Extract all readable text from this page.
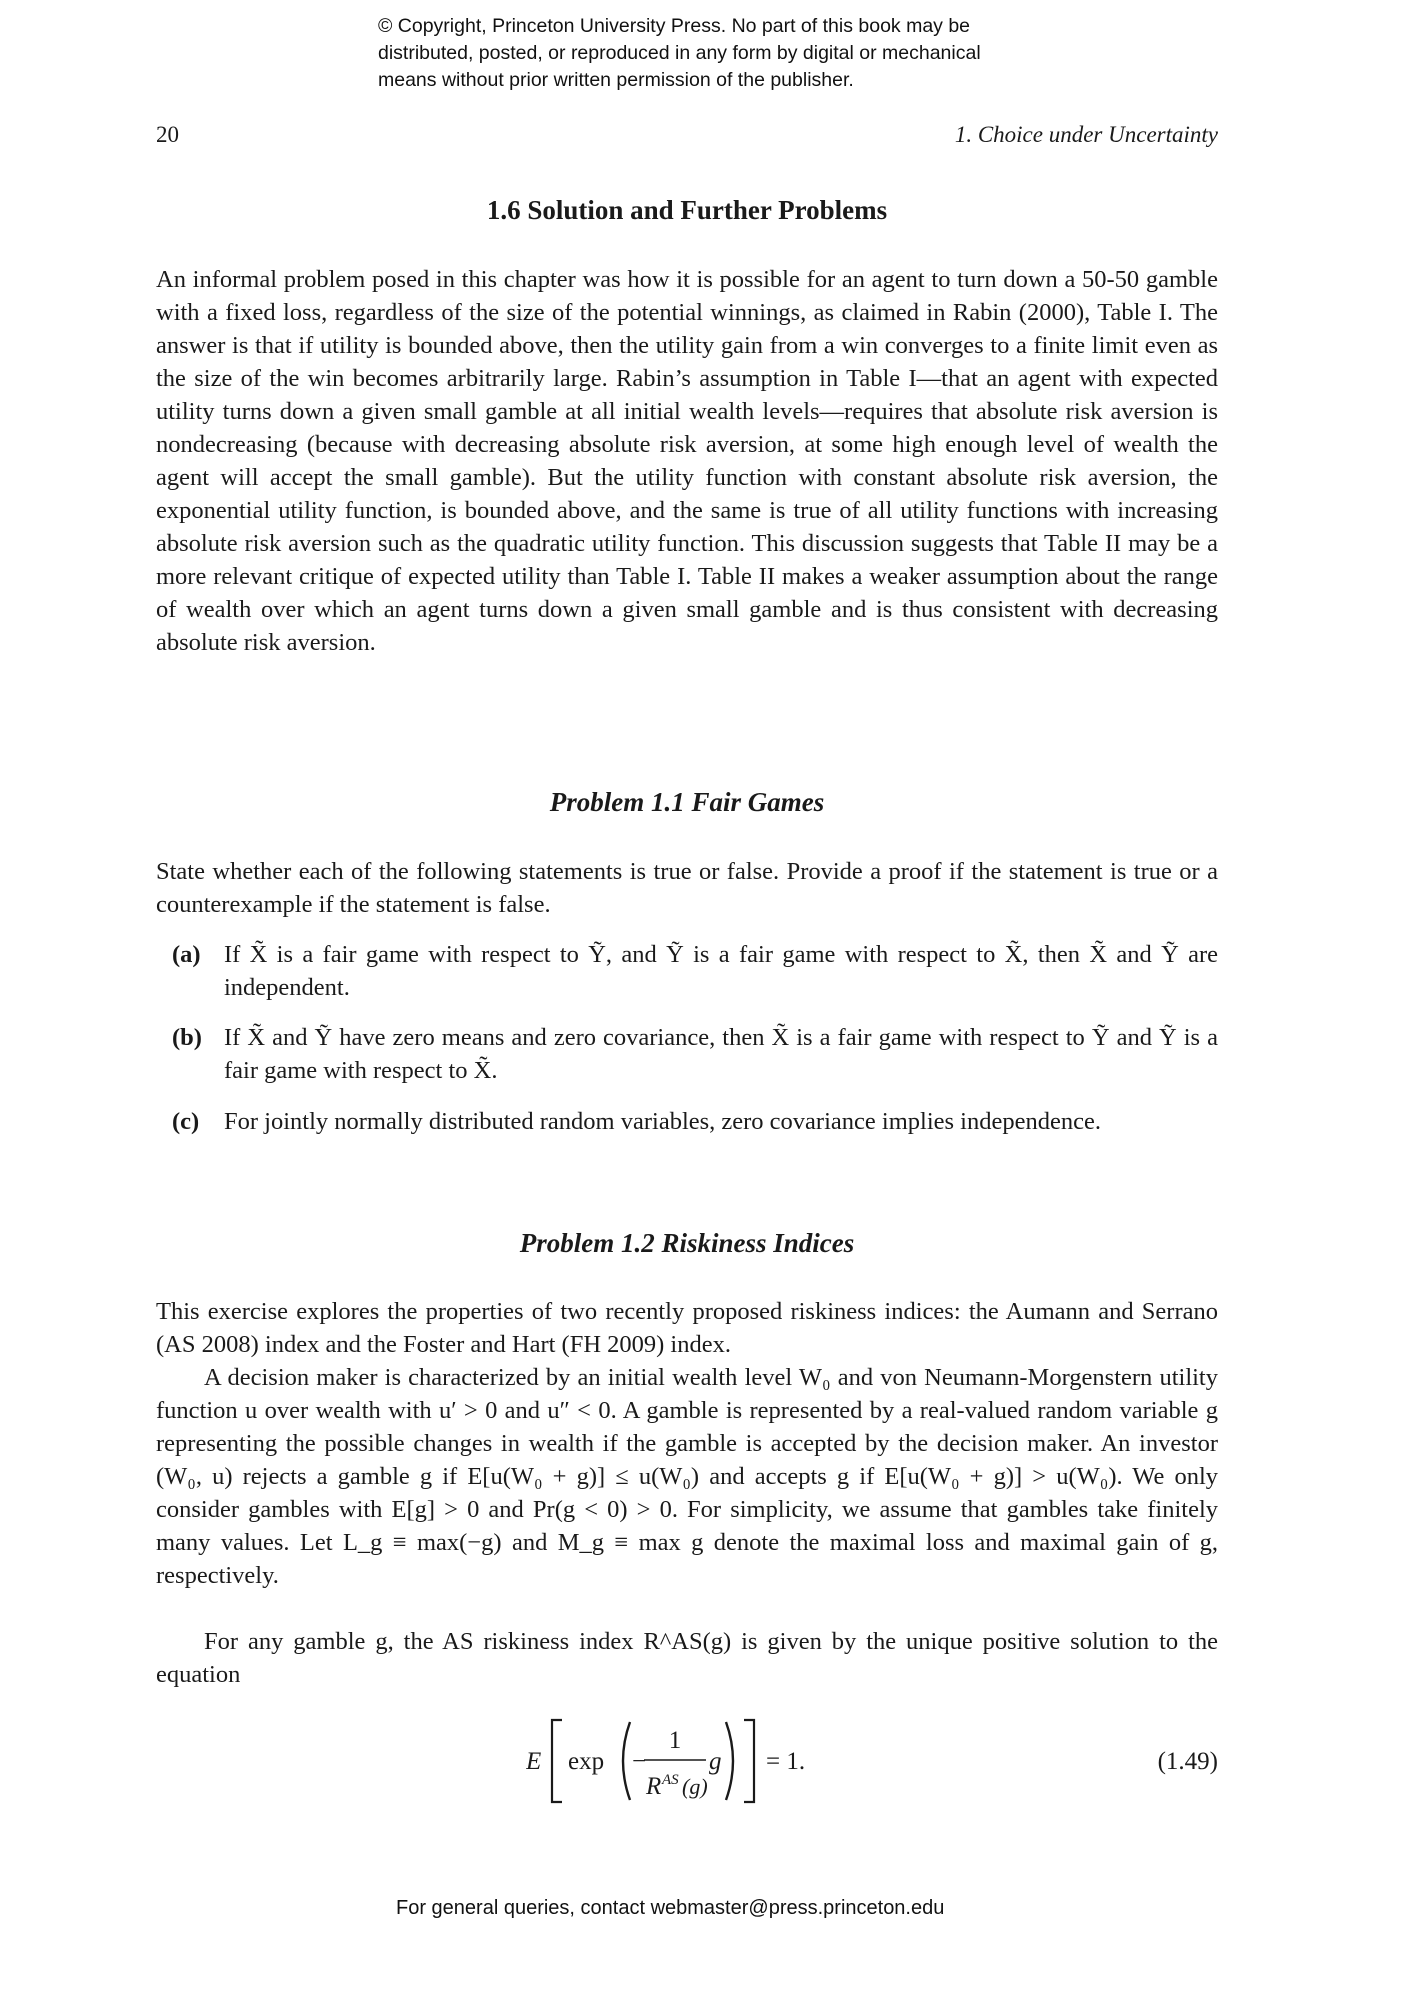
© Copyright, Princeton University Press. No part of this book may be
distributed, posted, or reproduced in any form by digital or mechanical
means without prior written permission of the publisher.
20	1. Choice under Uncertainty
1.6 Solution and Further Problems

An informal problem posed in this chapter was how it is possible for an agent to turn down a 50-50 gamble with a fixed loss, regardless of the size of the potential winnings, as claimed in Rabin (2000), Table I. The answer is that if utility is bounded above, then the utility gain from a win converges to a finite limit even as the size of the win becomes arbitrarily large. Rabin’s assumption in Table I—that an agent with expected utility turns down a given small gamble at all initial wealth levels—requires that absolute risk aversion is nondecreasing (because with decreasing absolute risk aversion, at some high enough level of wealth the agent will accept the small gamble). But the utility function with constant absolute risk aversion, the exponential utility function, is bounded above, and the same is true of all utility functions with increasing absolute risk aversion such as the quadratic utility function. This discussion suggests that Table II may be a more relevant critique of expected utility than Table I. Table II makes a weaker assumption about the range of wealth over which an agent turns down a given small gamble and is thus consistent with decreasing absolute risk aversion.

Problem 1.1 Fair Games

State whether each of the following statements is true or false. Provide a proof if the statement is true or a counterexample if the statement is false.

(a) If X̃ is a fair game with respect to Ỹ, and Ỹ is a fair game with respect to X̃, then X̃ and Ỹ are independent.
(b) If X̃ and Ỹ have zero means and zero covariance, then X̃ is a fair game with respect to Ỹ and Ỹ is a fair game with respect to X̃.
(c)	For jointly normally distributed random variables, zero covariance implies independence.
Problem 1.2 Riskiness Indices

This exercise explores the properties of two recently proposed riskiness indices: the Aumann and Serrano (AS 2008) index and the Foster and Hart (FH 2009) index.

A decision maker is characterized by an initial wealth level W₀ and von Neumann-Morgenstern utility function u over wealth with u′ > 0 and u″ < 0. A gamble is represented by a real-valued random variable g representing the possible changes in wealth if the gamble is accepted by the decision maker. An investor (W₀, u) rejects a gamble g if E[u(W₀ + g)] ≤ u(W₀) and accepts g if E[u(W₀ + g)] > u(W₀). We only consider gambles with E[g] > 0 and Pr(g < 0) > 0. For simplicity, we assume that gambles take finitely many values. Let L_g ≡ max(−g) and M_g ≡ max g denote the maximal loss and maximal gain of g, respectively.

For any gamble g, the AS riskiness index R^AS(g) is given by the unique positive solution to the equation

E exp −
1
R AS (g)
g = 1.	(1.49)
For general queries, contact webmaster@press.princeton.edu
